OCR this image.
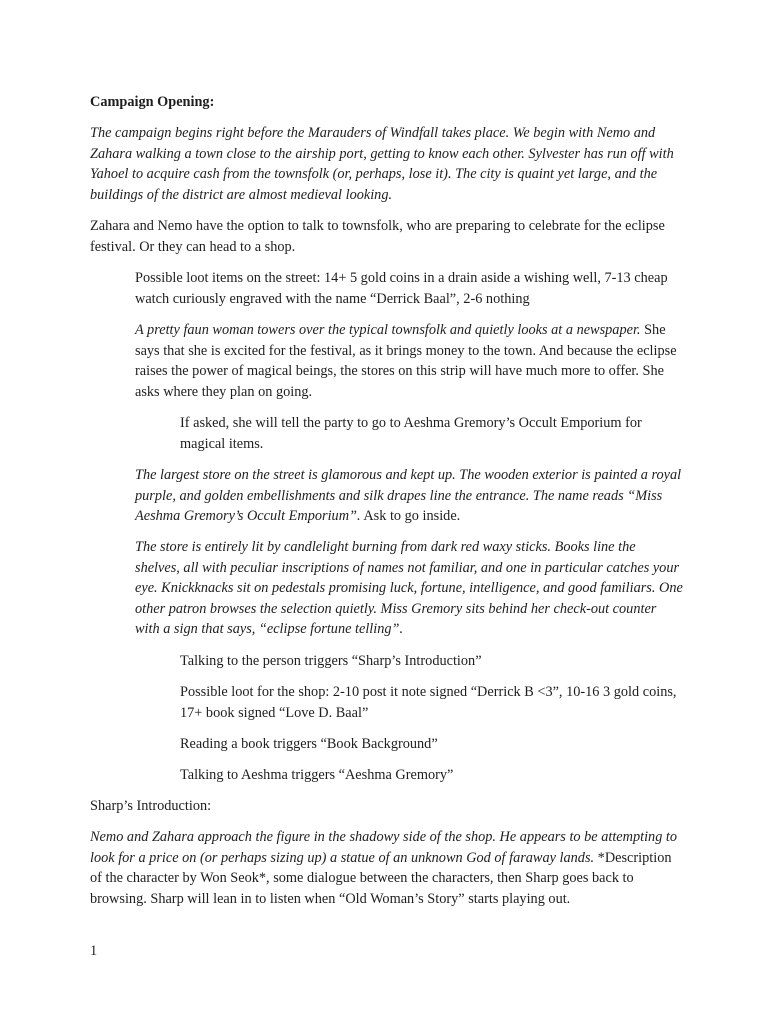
Campaign Opening:

The campaign begins right before the Marauders of Windfall takes place. We begin with Nemo and Zahara walking a town close to the airship port, getting to know each other. Sylvester has run off with Yahoel to acquire cash from the townsfolk (or, perhaps, lose it). The city is quaint yet large, and the buildings of the district are almost medieval looking.

Zahara and Nemo have the option to talk to townsfolk, who are preparing to celebrate for the eclipse festival. Or they can head to a shop.

Possible loot items on the street: 14+ 5 gold coins in a drain aside a wishing well, 7-13 cheap watch curiously engraved with the name “Derrick Baal”, 2-6 nothing

A pretty faun woman towers over the typical townsfolk and quietly looks at a newspaper. She says that she is excited for the festival, as it brings money to the town. And because the eclipse raises the power of magical beings, the stores on this strip will have much more to offer. She asks where they plan on going.

If asked, she will tell the party to go to Aeshma Gremory’s Occult Emporium for magical items.

The largest store on the street is glamorous and kept up. The wooden exterior is painted a royal purple, and golden embellishments and silk drapes line the entrance. The name reads “Miss Aeshma Gremory’s Occult Emporium”. Ask to go inside.

The store is entirely lit by candlelight burning from dark red waxy sticks. Books line the shelves, all with peculiar inscriptions of names not familiar, and one in particular catches your eye. Knickknacks sit on pedestals promising luck, fortune, intelligence, and good familiars. One other patron browses the selection quietly. Miss Gremory sits behind her check-out counter with a sign that says, “eclipse fortune telling”.

Talking to the person triggers “Sharp’s Introduction”

Possible loot for the shop: 2-10 post it note signed “Derrick B <3”, 10-16 3 gold coins, 17+ book signed “Love D. Baal”

Reading a book triggers “Book Background”

Talking to Aeshma triggers “Aeshma Gremory”

Sharp’s Introduction:

Nemo and Zahara approach the figure in the shadowy side of the shop. He appears to be attempting to look for a price on (or perhaps sizing up) a statue of an unknown God of faraway lands. *Description of the character by Won Seok*, some dialogue between the characters, then Sharp goes back to browsing. Sharp will lean in to listen when “Old Woman’s Story” starts playing out.

1
